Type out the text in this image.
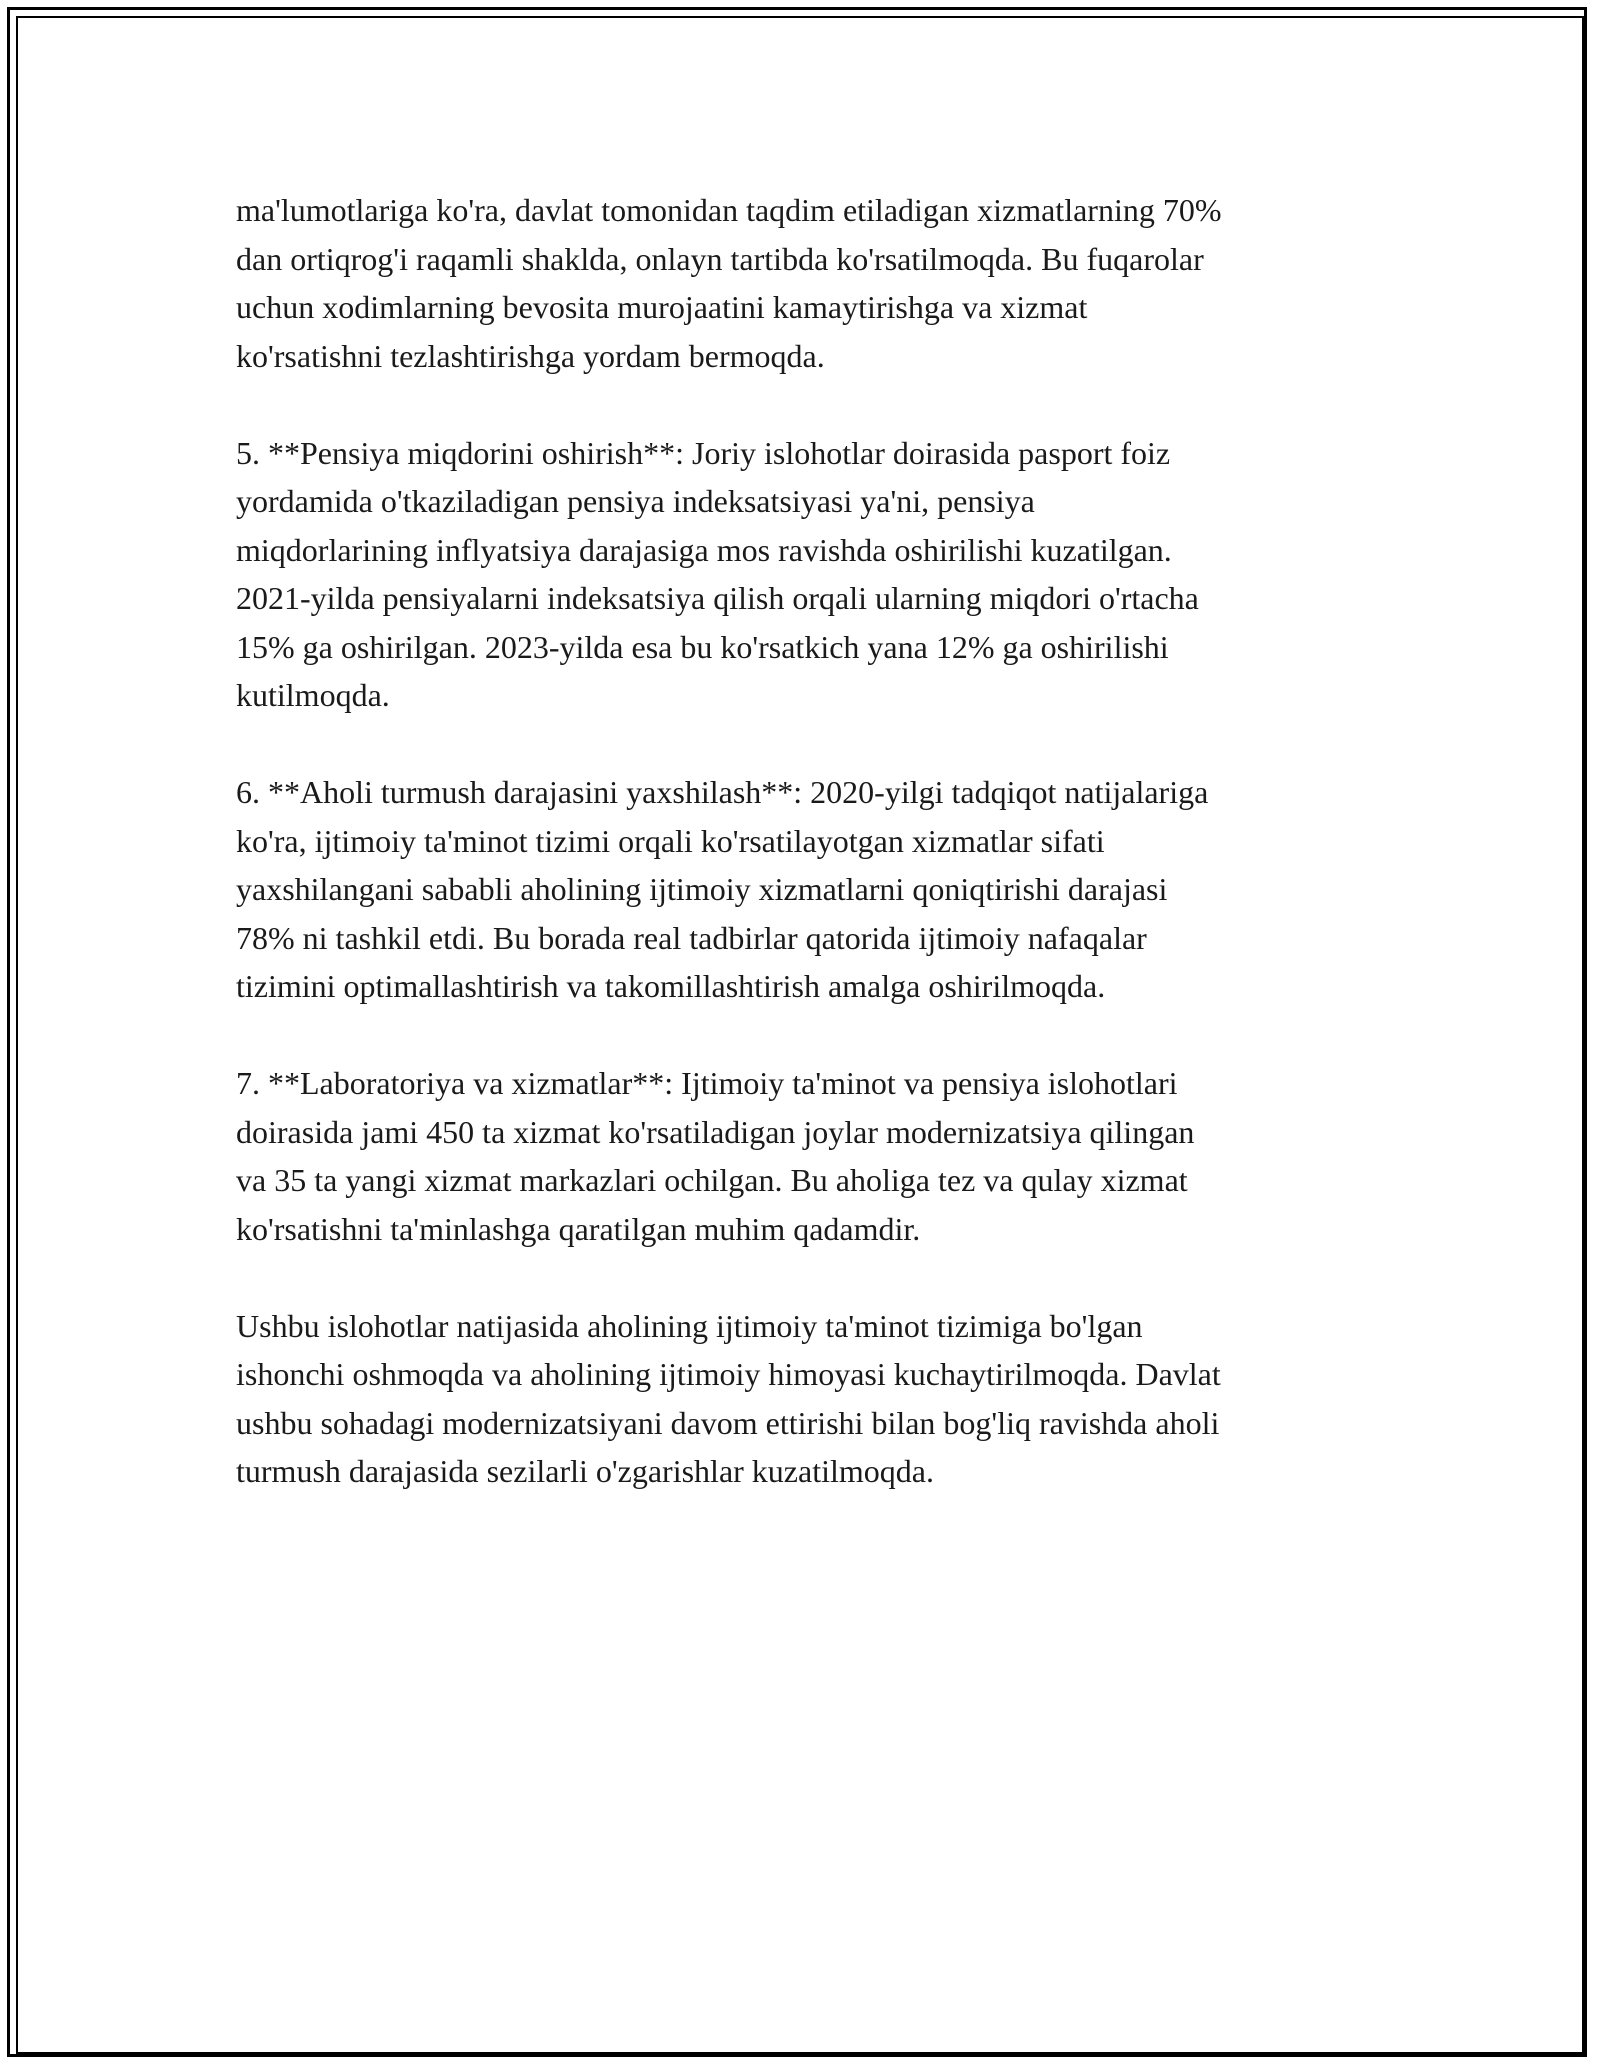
ma'lumotlariga ko'ra, davlat tomonidan taqdim etiladigan xizmatlarning 70%
dan ortiqrog'i raqamli shaklda, onlayn tartibda ko'rsatilmoqda. Bu fuqarolar
uchun xodimlarning bevosita murojaatini kamaytirishga va xizmat
ko'rsatishni tezlashtirishga yordam bermoqda.

5. **Pensiya miqdorini oshirish**: Joriy islohotlar doirasida pasport foiz
yordamida o'tkaziladigan pensiya indeksatsiyasi ya'ni, pensiya
miqdorlarining inflyatsiya darajasiga mos ravishda oshirilishi kuzatilgan.
2021-yilda pensiyalarni indeksatsiya qilish orqali ularning miqdori o'rtacha
15% ga oshirilgan. 2023-yilda esa bu ko'rsatkich yana 12% ga oshirilishi
kutilmoqda.

6. **Aholi turmush darajasini yaxshilash**: 2020-yilgi tadqiqot natijalariga
ko'ra, ijtimoiy ta'minot tizimi orqali ko'rsatilayotgan xizmatlar sifati
yaxshilangani sababli aholining ijtimoiy xizmatlarni qoniqtirishi darajasi
78% ni tashkil etdi. Bu borada real tadbirlar qatorida ijtimoiy nafaqalar
tizimini optimallashtirish va takomillashtirish amalga oshirilmoqda.

7. **Laboratoriya va xizmatlar**: Ijtimoiy ta'minot va pensiya islohotlari
doirasida jami 450 ta xizmat ko'rsatiladigan joylar modernizatsiya qilingan
va 35 ta yangi xizmat markazlari ochilgan. Bu aholiga tez va qulay xizmat
ko'rsatishni ta'minlashga qaratilgan muhim qadamdir.

Ushbu islohotlar natijasida aholining ijtimoiy ta'minot tizimiga bo'lgan
ishonchi oshmoqda va aholining ijtimoiy himoyasi kuchaytirilmoqda. Davlat
ushbu sohadagi modernizatsiyani davom ettirishi bilan bog'liq ravishda aholi
turmush darajasida sezilarli o'zgarishlar kuzatilmoqda.
